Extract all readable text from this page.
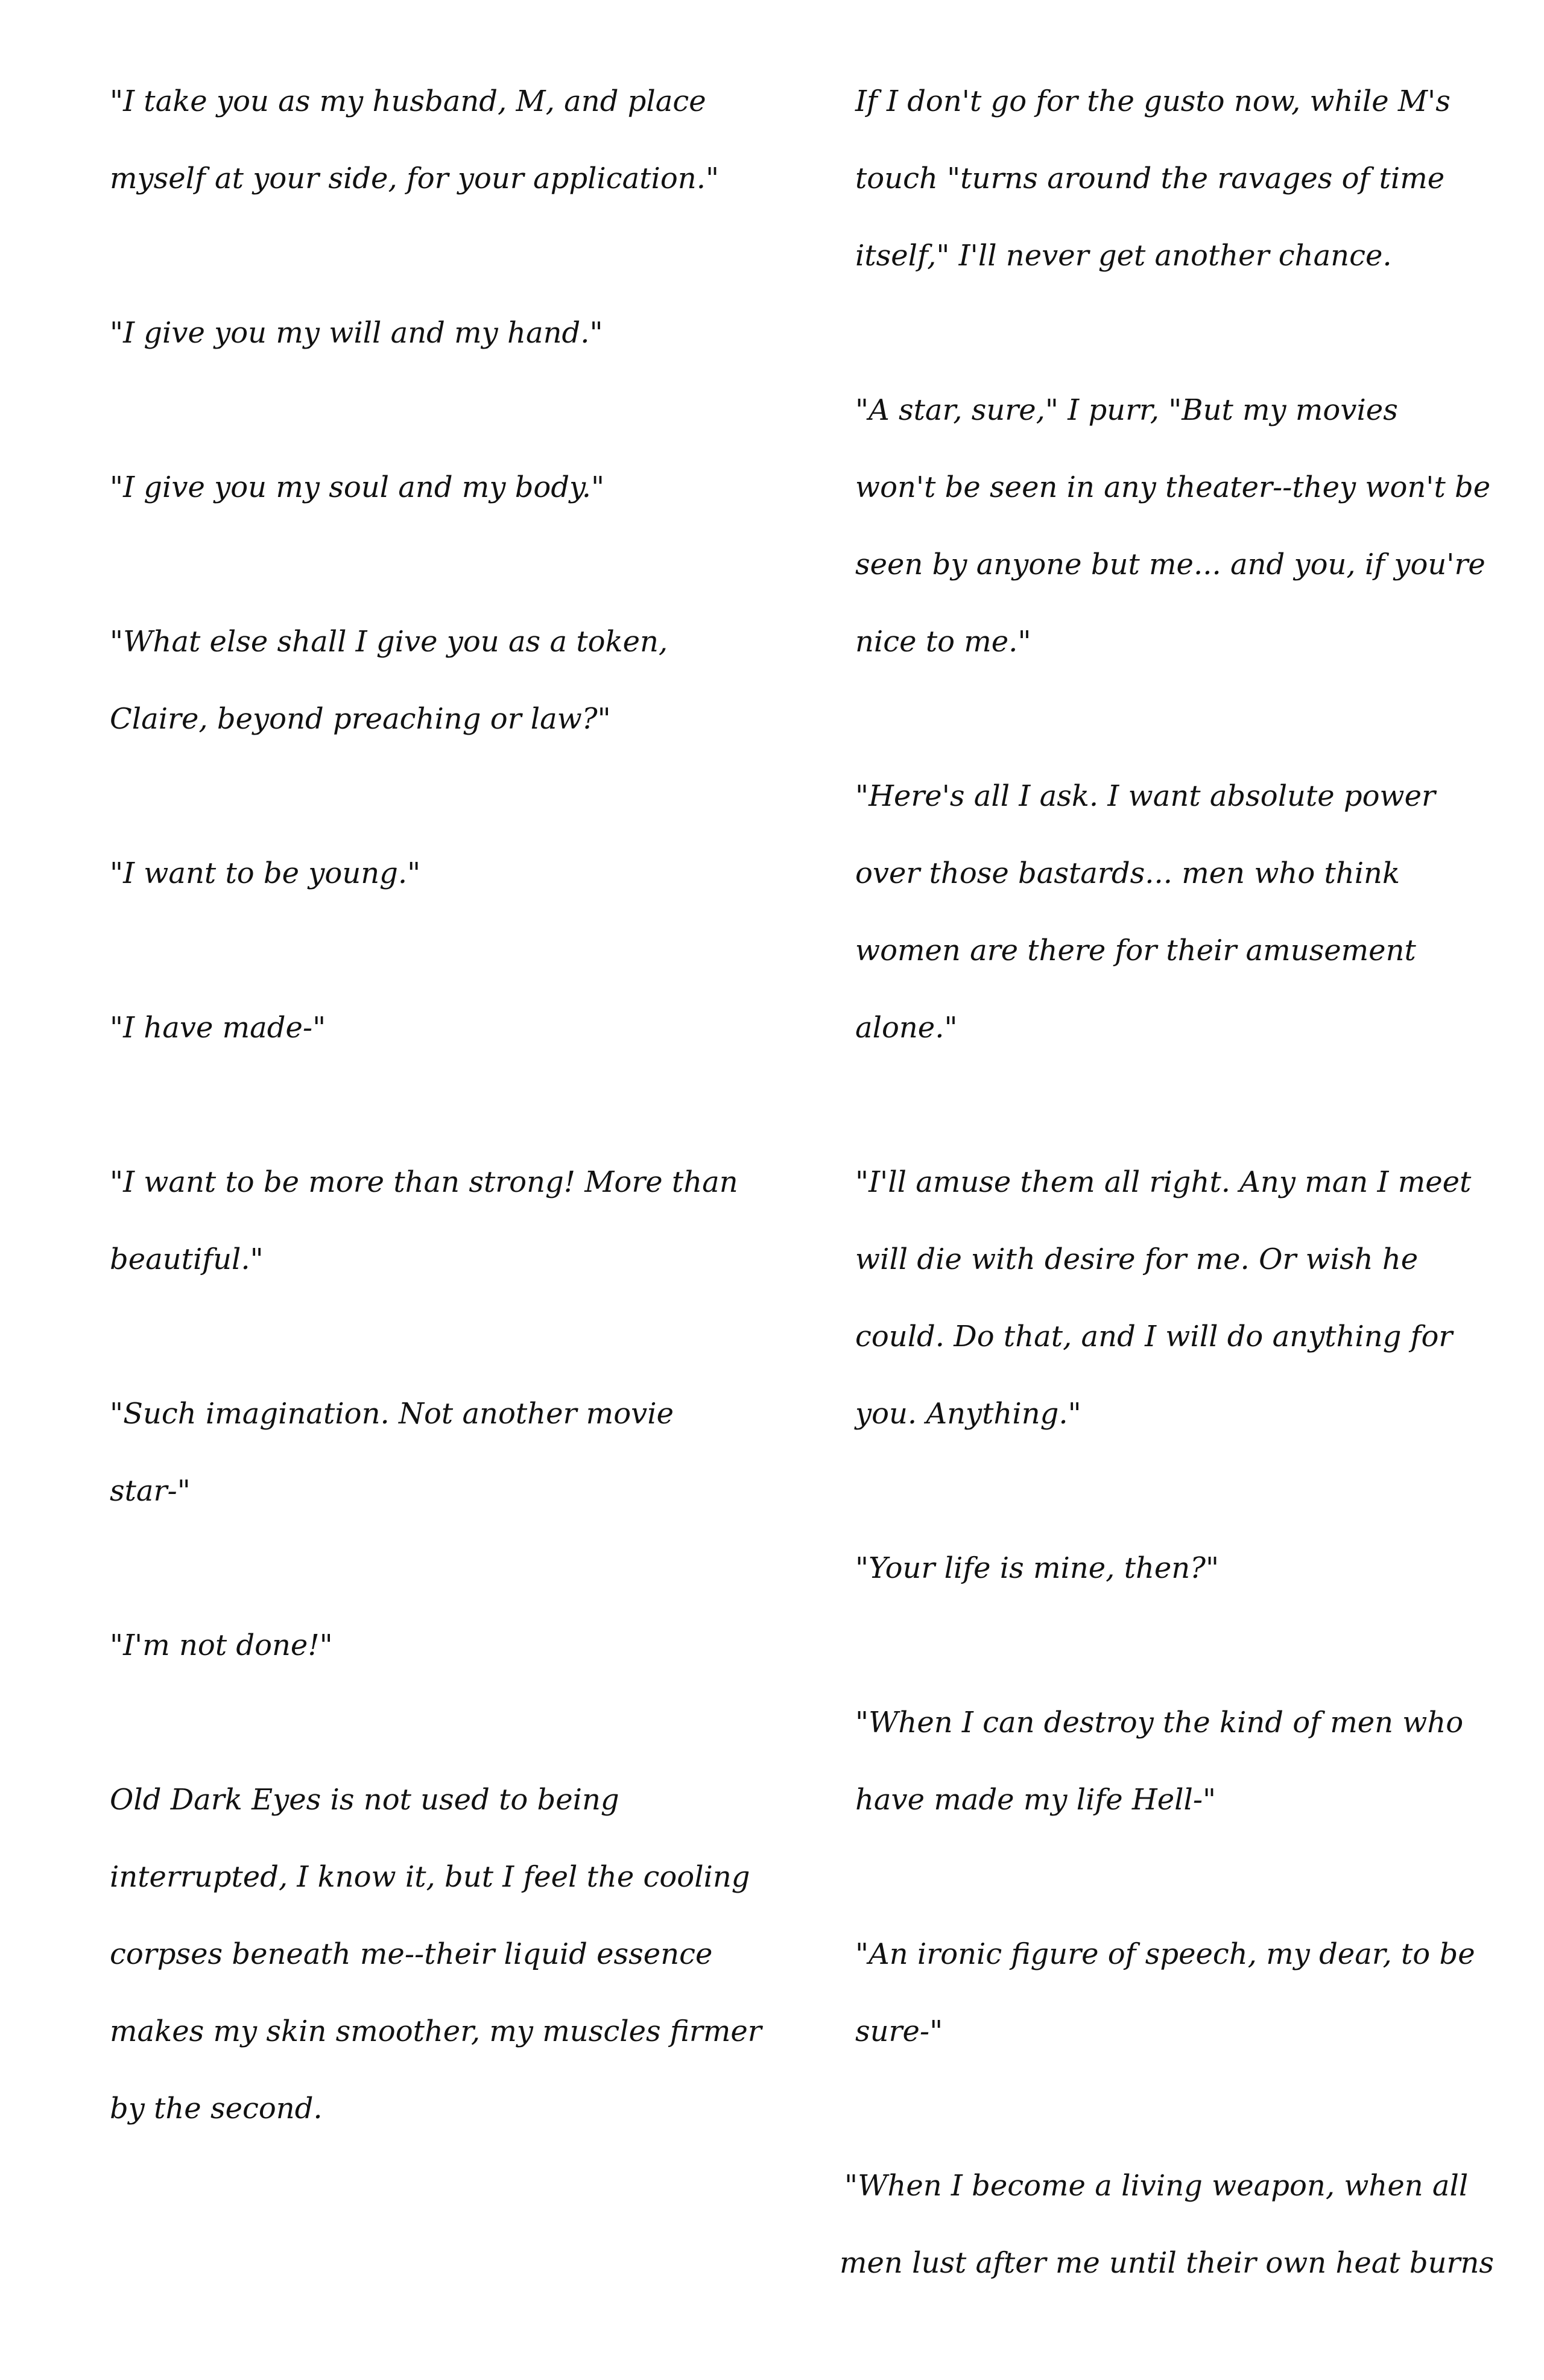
"I take you as my husband, M, and place

myself at your side, for your application."

"I give you my will and my hand."

"I give you my soul and my body."

"What else shall I give you as a token,

Claire, beyond preaching or law?"

"I want to be young."

"I have made-"

"I want to be more than strong! More than

beautiful."

"Such imagination. Not another movie

star-"

"I'm not done!"

Old Dark Eyes is not used to being

interrupted, I know it, but I feel the cooling

corpses beneath me--their liquid essence

makes my skin smoother, my muscles firmer

by the second.

If I don't go for the gusto now, while M's

touch "turns around the ravages of time

itself," I'll never get another chance.

"A star, sure," I purr, "But my movies

won't be seen in any theater--they won't be

seen by anyone but me... and you, if you're

nice to me."

"Here's all I ask. I want absolute power

over those bastards... men who think

women are there for their amusement

alone."

"I'll amuse them all right. Any man I meet

will die with desire for me. Or wish he

could. Do that, and I will do anything for

you. Anything."

"Your life is mine, then?"

"When I can destroy the kind of men who

have made my life Hell-"

"An ironic figure of speech, my dear, to be

sure-"

"When I become a living weapon, when all

men lust after me until their own heat burns
